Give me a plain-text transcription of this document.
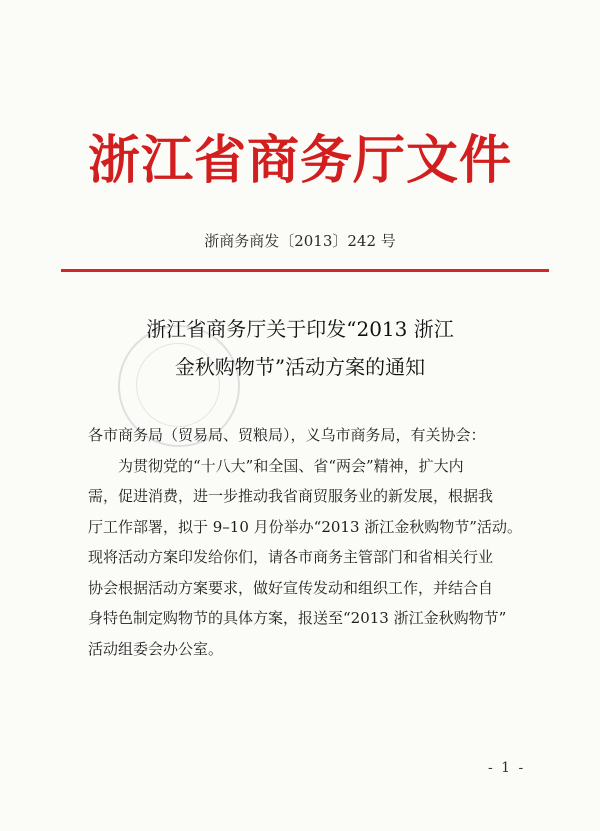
浙江省商务厅文件
浙商务商发〔2013〕242 号
浙江省商务厅关于印发“2013 浙江
金秋购物节”活动方案的通知
各市商务局（贸易局、贸粮局），义乌市商务局，有关协会：
为贯彻党的“十八大”和全国、省“两会”精神，扩大内
需，促进消费，进一步推动我省商贸服务业的新发展，根据我
厅工作部署，拟于 9–10 月份举办“2013 浙江金秋购物节”活动。
现将活动方案印发给你们，请各市商务主管部门和省相关行业
协会根据活动方案要求，做好宣传发动和组织工作，并结合自
身特色制定购物节的具体方案，报送至“2013 浙江金秋购物节”
活动组委会办公室。
- 1 -
